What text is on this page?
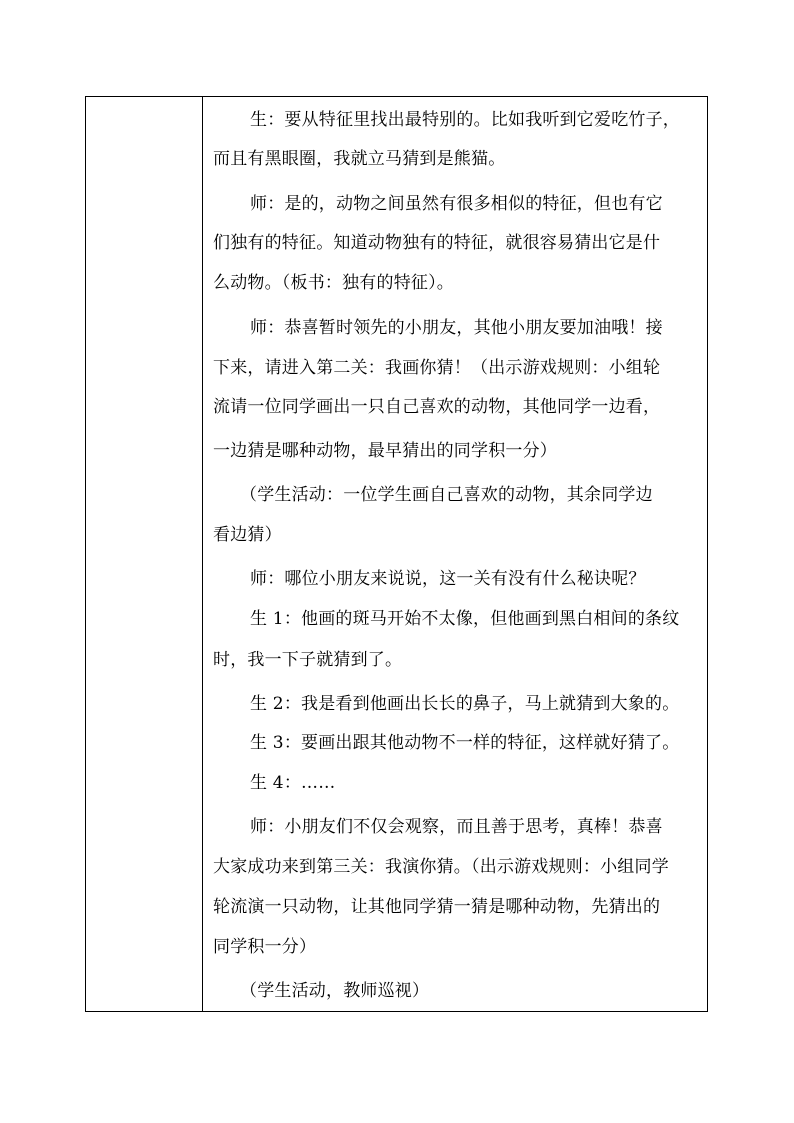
生：要从特征里找出最特别的。比如我听到它爱吃竹子，
而且有黑眼圈，我就立马猜到是熊猫。
师：是的，动物之间虽然有很多相似的特征，但也有它
们独有的特征。知道动物独有的特征，就很容易猜出它是什
么动物。（板书：独有的特征）。
师：恭喜暂时领先的小朋友，其他小朋友要加油哦！接
下来，请进入第二关：我画你猜！（出示游戏规则：小组轮
流请一位同学画出一只自己喜欢的动物，其他同学一边看，
一边猜是哪种动物，最早猜出的同学积一分）
（学生活动：一位学生画自己喜欢的动物，其余同学边
看边猜）
师：哪位小朋友来说说，这一关有没有什么秘诀呢？
生 1：他画的斑马开始不太像，但他画到黑白相间的条纹
时，我一下子就猜到了。
生 2：我是看到他画出长长的鼻子，马上就猜到大象的。
生 3：要画出跟其他动物不一样的特征，这样就好猜了。
生 4：……
师：小朋友们不仅会观察，而且善于思考，真棒！恭喜
大家成功来到第三关：我演你猜。（出示游戏规则：小组同学
轮流演一只动物，让其他同学猜一猜是哪种动物，先猜出的
同学积一分）
（学生活动，教师巡视）
